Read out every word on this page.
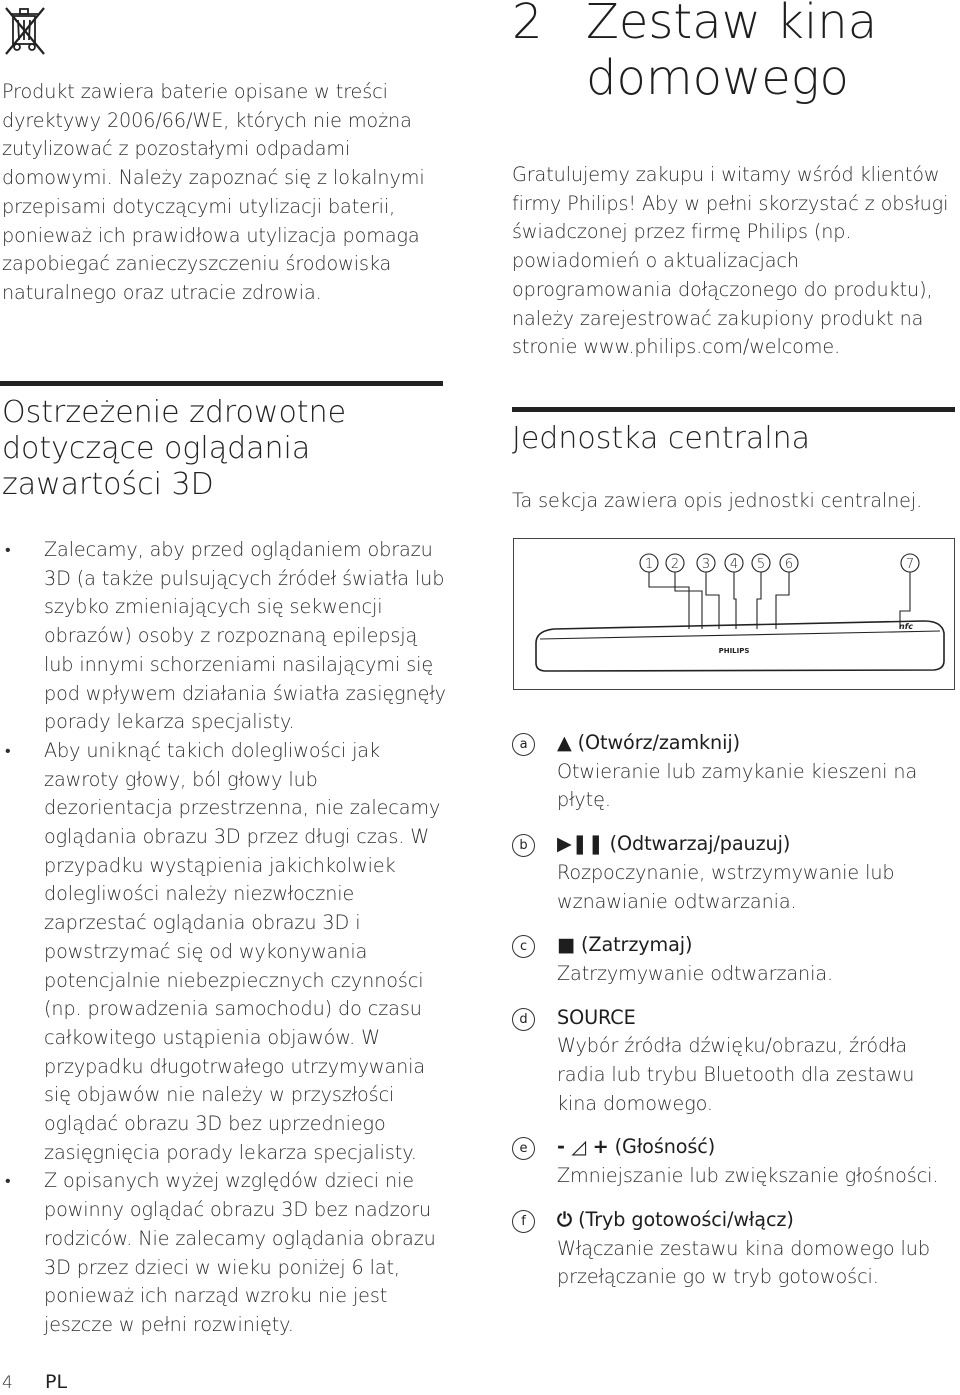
Produkt zawiera baterie opisane w treści dyrektywy 2006/66/WE, których nie można zutylizować z pozostałymi odpadami domowymi. Należy zapoznać się z lokalnymi przepisami dotyczącymi utylizacji baterii, ponieważ ich prawidłowa utylizacja pomaga zapobiegać zanieczyszczeniu środowiska naturalnego oraz utracie zdrowia.
Ostrzeżenie zdrowotne dotyczące oglądania zawartości 3D
• Zalecamy, aby przed oglądaniem obrazu 3D (a także pulsujących źródeł światła lub szybko zmieniających się sekwencji obrazów) osoby z rozpoznaną epilepsją lub innymi schorzeniami nasilającymi się pod wpływem działania światła zasięgnęły porady lekarza specjalisty.
• Aby uniknąć takich dolegliwości jak zawroty głowy, ból głowy lub dezorientacja przestrzenna, nie zalecamy oglądania obrazu 3D przez długi czas. W przypadku wystąpienia jakichkolwiek dolegliwości należy niezwłocznie zaprzestać oglądania obrazu 3D i powstrzymać się od wykonywania potencjalnie niebezpiecznych czynności (np. prowadzenia samochodu) do czasu całkowitego ustąpienia objawów. W przypadku długotrwałego utrzymywania się objawów nie należy w przyszłości oglądać obrazu 3D bez uprzedniego zasięgnięcia porady lekarza specjalisty.
• Z opisanych wyżej względów dzieci nie powinny oglądać obrazu 3D bez nadzoru rodziców. Nie zalecamy oglądania obrazu 3D przez dzieci w wieku poniżej 6 lat, ponieważ ich narząd wzroku nie jest jeszcze w pełni rozwinięty.
2 Zestaw kina domowego
Gratulujemy zakupu i witamy wśród klientów firmy Philips! Aby w pełni skorzystać z obsługi świadczonej przez firmę Philips (np. powiadomień o aktualizacjach oprogramowania dołączonego do produktu), należy zarejestrować zakupiony produkt na stronie www.philips.com/welcome.
Jednostka centralna
Ta sekcja zawiera opis jednostki centralnej.
1 2 3 4 5 6	7
PHILIPS
nfc
a	▲ (Otwórz/zamknij)
Otwieranie lub zamykanie kieszeni na płytę.
b	▶❚❚ (Odtwarzaj/pauzuj)
Rozpoczynanie, wstrzymywanie lub wznawianie odtwarzania.
c	■ (Zatrzymaj)
Zatrzymywanie odtwarzania.
d	SOURCE
Wybór źródła dźwięku/obrazu, źródła radia lub trybu Bluetooth dla zestawu kina domowego.
e	- ◿ + (Głośność)
Zmniejszanie lub zwiększanie głośności.
f	⏻ (Tryb gotowości/włącz)
Włączanie zestawu kina domowego lub przełączanie go w tryb gotowości.
4 PL
